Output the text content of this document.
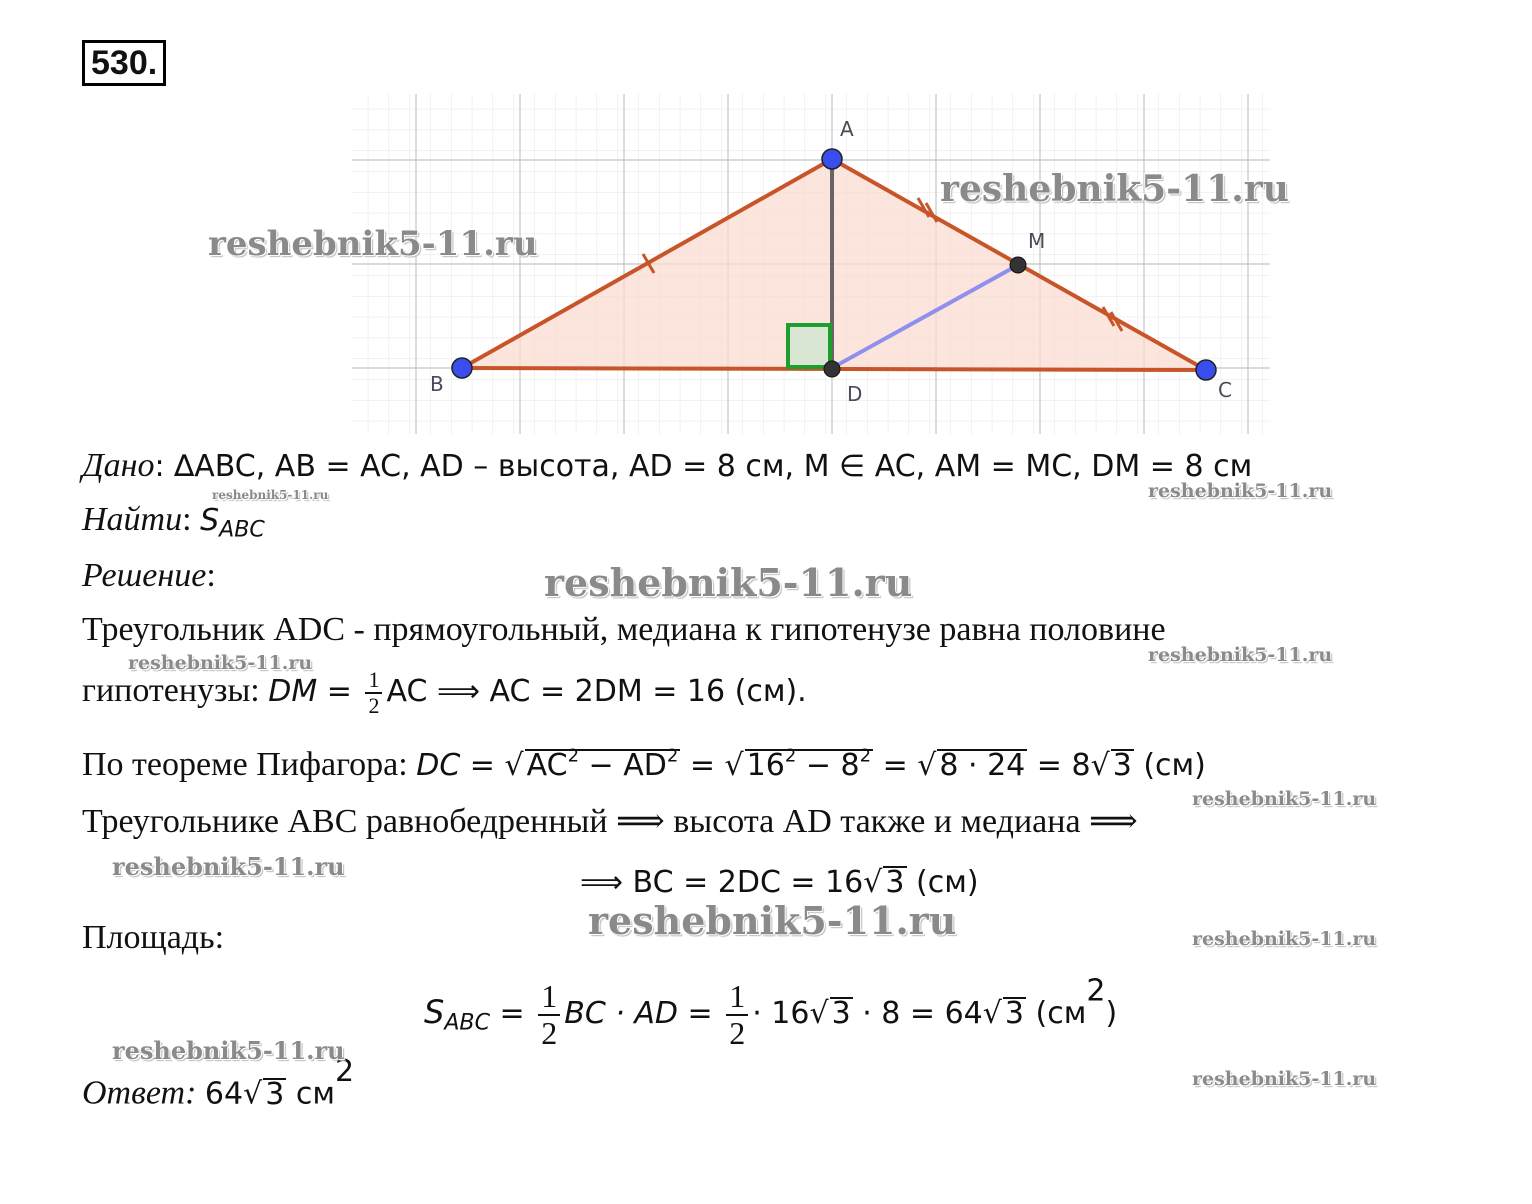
530.
A
B	C
D
M
Дано: ∆ABC, AB = AC, AD – высота, AD = 8 см, M ∈ AC, AM = MC, DM = 8 см
Найти: $S_{ABC}$
Решение:
Треугольник ADC - прямоугольный, медиана к гипотенузе равна половине
гипотенузы: DM = $\frac{1}{2}$ AC ⟹ AC = 2DM = 16 (см).
По теореме Пифагора: DC = √ $AC^2 - AD^2$ = √ $16^2 - 8^2$ = √ 8 · 24 = 8√ 3 (см)
Треугольнике ABC равнобедренный ⟹ высота AD также и медиана ⟹
⟹ BC = 2DC = 16√ 3 (см)
Площадь:
$S_{ABC} = \frac{1}{2}$ BC · AD = $\frac{1}{2} \cdot 16√$ 3 · 8 = 64√ 3 $(см^2)$
Ответ: 64√ 3 $см^2$
reshebnik5-11.ru
reshebnik5-11.ru
reshebnik5-11.ru	reshebnik5-11.ru
reshebnik5-11.ru
reshebnik5-11.ru	reshebnik5-11.ru
reshebnik5-11.ru
reshebnik5-11.ru
reshebnik5-11.ru	reshebnik5-11.ru
reshebnik5-11.ru
reshebnik5-11.ru
